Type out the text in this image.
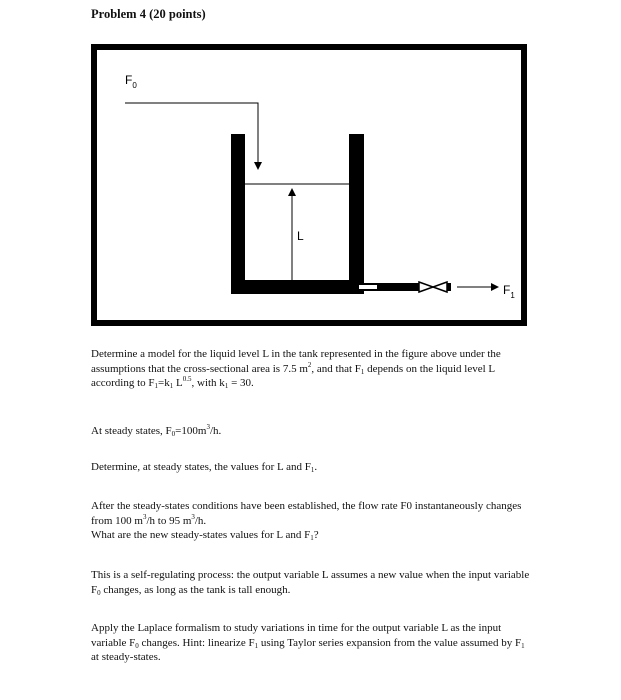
Problem 4 (20 points)
$F_0$
L
$F_1$
Determine a model for the liquid level L in the tank represented in the figure above under the assumptions that the cross-sectional area is 7.5 $m^2$, and that $F_1$ depends on the liquid level L according to $F_1=k_1$ $L^{0.5}$, with $k_1 = 30$.
At steady states, $F_0=100m^3/h$.
Determine, at steady states, the values for L and $F_1$.
After the steady-states conditions have been established, the flow rate F0 instantaneously changes from 100 $m^3/h$ to 95 $m^3/h$.
What are the new steady-states values for L and $F_1$?
This is a self-regulating process: the output variable L assumes a new value when the input variable $F_0$ changes, as long as the tank is tall enough.
Apply the Laplace formalism to study variations in time for the output variable L as the input variable $F_0$ changes. Hint: linearize $F_1$ using Taylor series expansion from the value assumed by $F_1$ at steady-states.
